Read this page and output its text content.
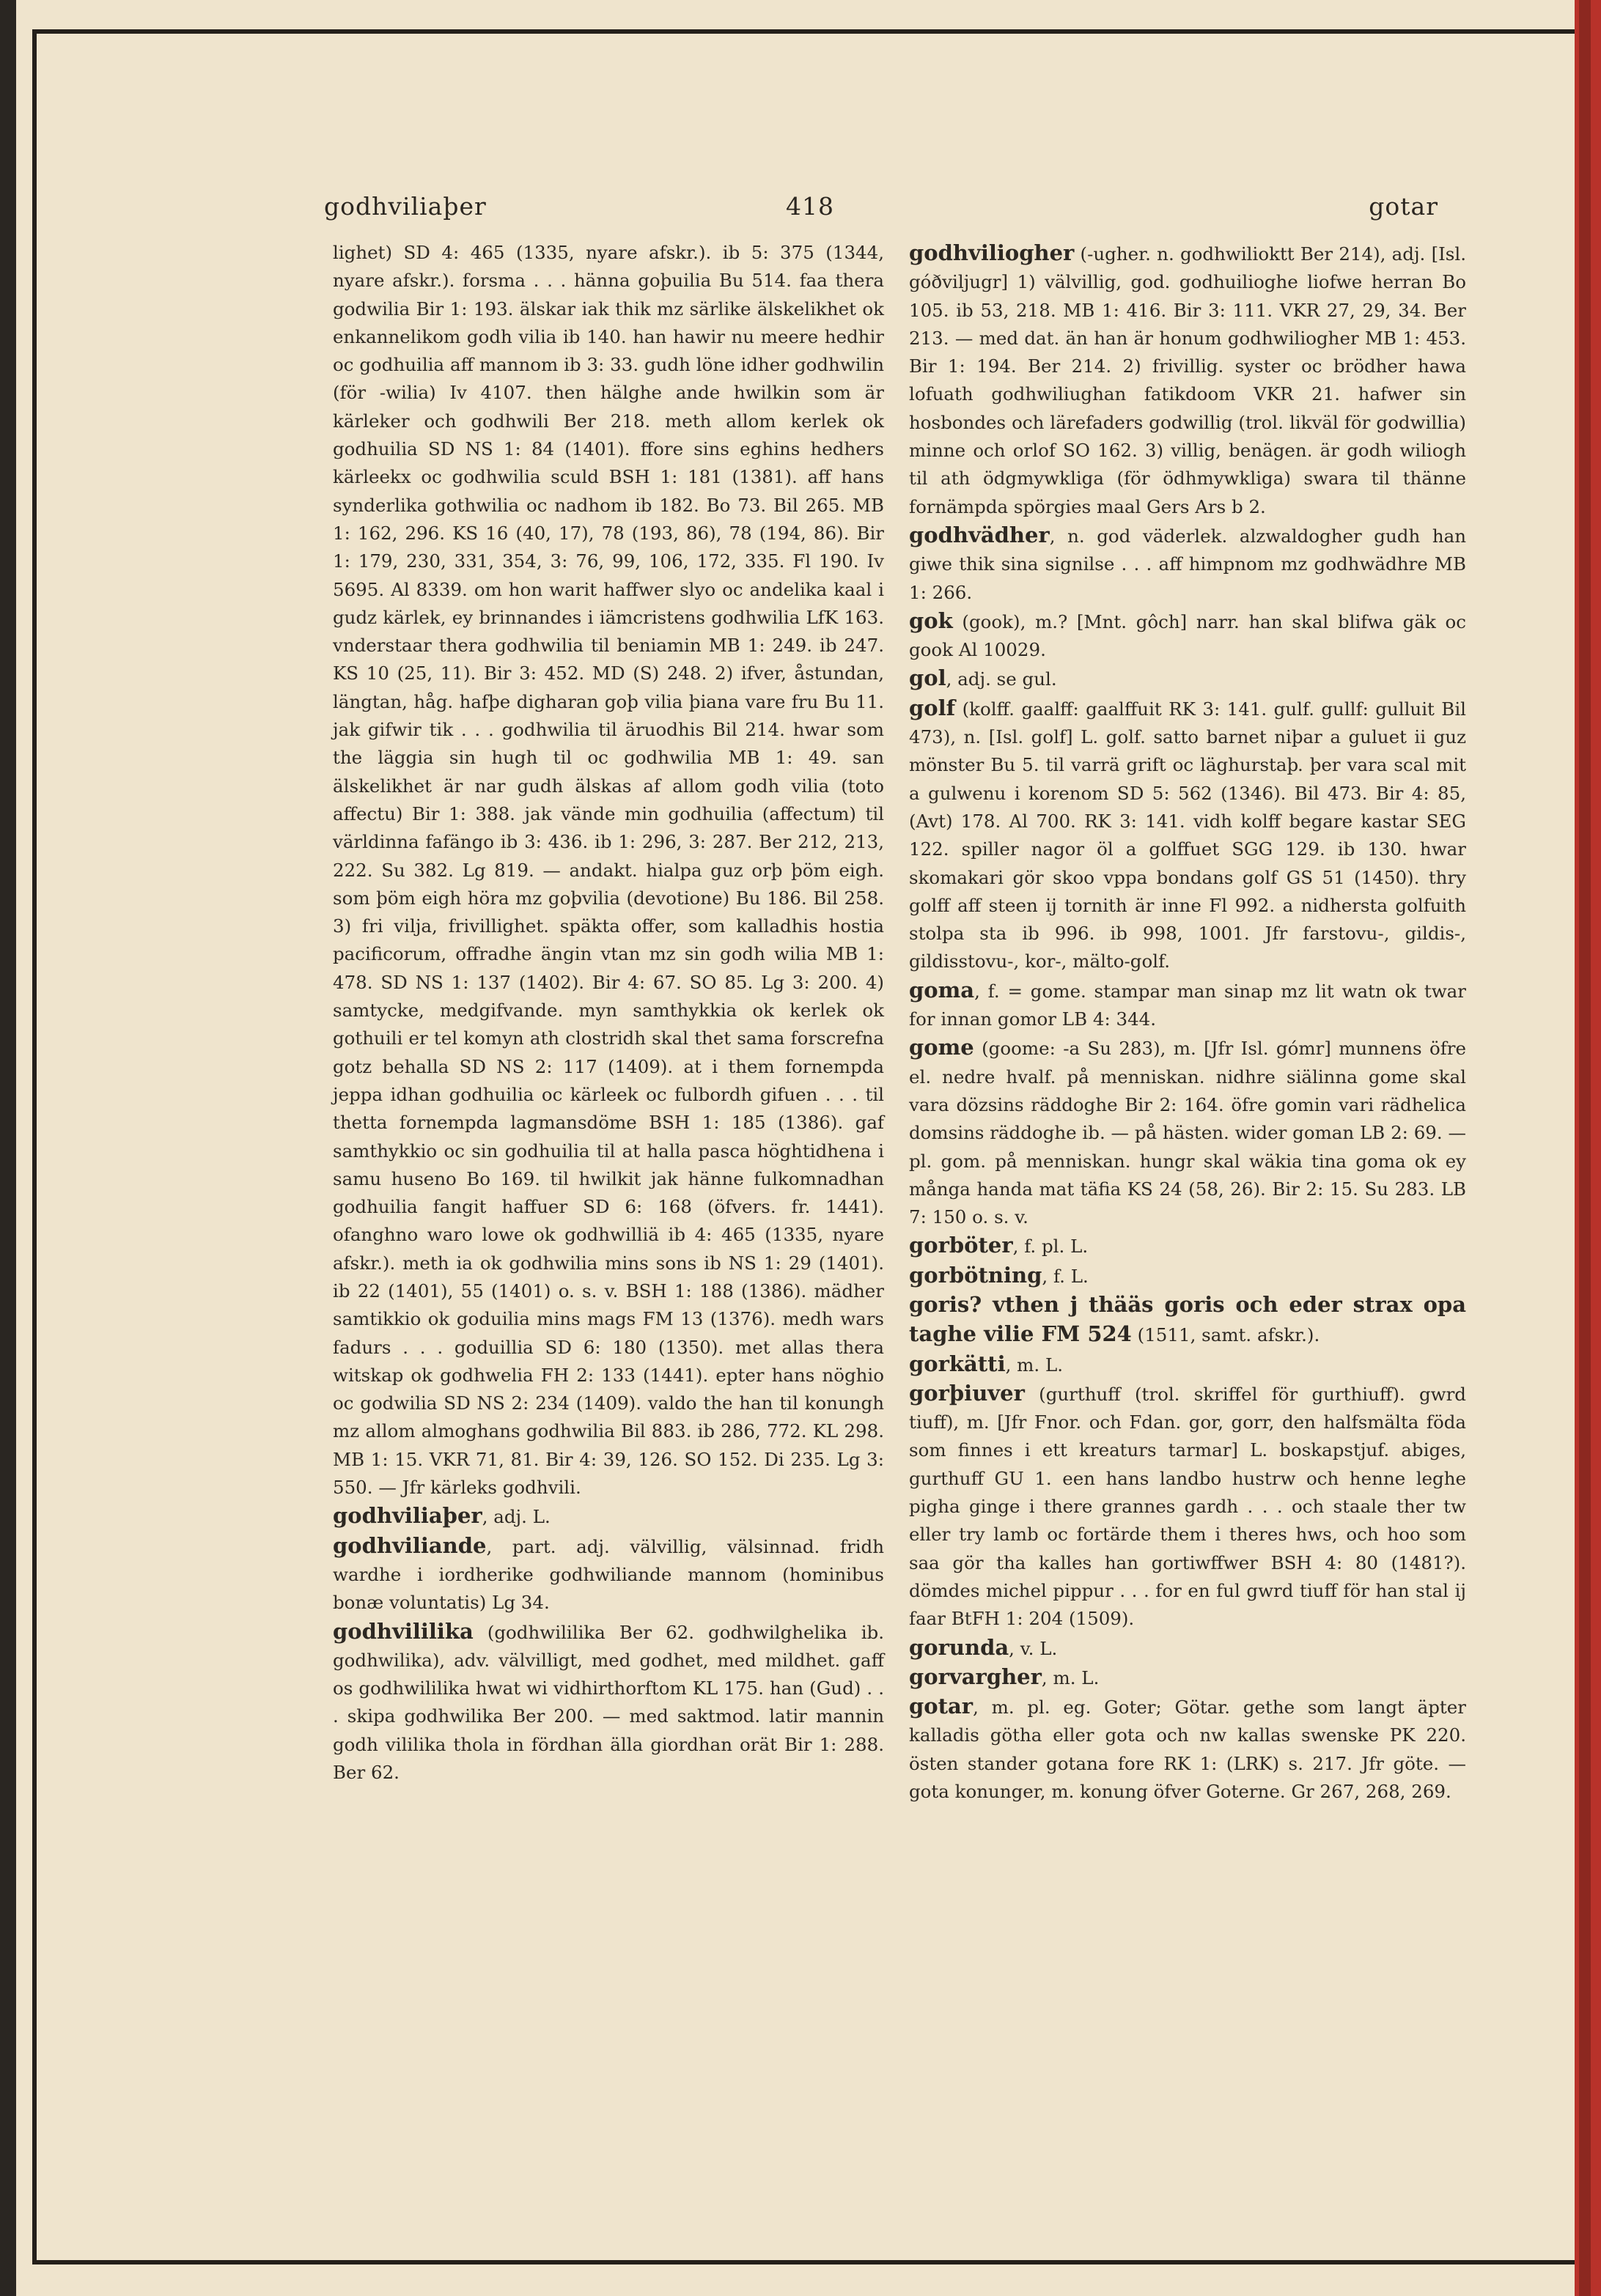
godhviliaþer	418	gotar

lighet) SD 4: 465 (1335, nyare afskr.). ib 5: 375 (1344, nyare afskr.). forsma . . . hänna goþuilia Bu 514. faa thera godwilia Bir 1: 193. älskar iak thik mz särlike älskelikhet ok enkannelikom godh vilia ib 140. han hawir nu meere hedhir oc godhuilia aff mannom ib 3: 33. gudh löne idher godhwilin (för -wilia) Iv 4107. then hälghe ande hwilkin som är kärleker och godhwili Ber 218. meth allom kerlek ok godhuilia SD NS 1: 84 (1401). ffore sins eghins hedhers kärleekx oc godhwilia sculd BSH 1: 181 (1381). aff hans synderlika gothwilia oc nadhom ib 182. Bo 73. Bil 265. MB 1: 162, 296. KS 16 (40, 17), 78 (193, 86), 78 (194, 86). Bir 1: 179, 230, 331, 354, 3: 76, 99, 106, 172, 335. Fl 190. Iv 5695. Al 8339. om hon warit haffwer slyo oc andelika kaal i gudz kärlek, ey brinnandes i iämcristens godhwilia LfK 163. vnderstaar thera godhwilia til beniamin MB 1: 249. ib 247. KS 10 (25, 11). Bir 3: 452. MD (S) 248. 2) ifver, åstundan, längtan, håg. hafþe digharan goþ vilia þiana vare fru Bu 11. jak gifwir tik . . . godhwilia til äruodhis Bil 214. hwar som the läggia sin hugh til oc godhwilia MB 1: 49. san älskelikhet är nar gudh älskas af allom godh vilia (toto affectu) Bir 1: 388. jak vände min godhuilia (affectum) til världinna fafängo ib 3: 436. ib 1: 296, 3: 287. Ber 212, 213, 222. Su 382. Lg 819. — andakt. hialpa guz orþ þöm eigh. som þöm eigh höra mz goþvilia (devotione) Bu 186. Bil 258. 3) fri vilja, frivillighet. späkta offer, som kalladhis hostia pacificorum, offradhe ängin vtan mz sin godh wilia MB 1: 478. SD NS 1: 137 (1402). Bir 4: 67. SO 85. Lg 3: 200. 4) samtycke, medgifvande. myn samthykkia ok kerlek ok gothuili er tel komyn ath clostridh skal thet sama forscrefna gotz behalla SD NS 2: 117 (1409). at i them fornempda jeppa idhan godhuilia oc kärleek oc fulbordh gifuen . . . til thetta fornempda lagmansdöme BSH 1: 185 (1386). gaf samthykkio oc sin godhuilia til at halla pasca höghtidhena i samu huseno Bo 169. til hwilkit jak hänne fulkomnadhan godhuilia fangit haffuer SD 6: 168 (öfvers. fr. 1441). ofanghno waro lowe ok godhwilliä ib 4: 465 (1335, nyare afskr.). meth ia ok godhwilia mins sons ib NS 1: 29 (1401). ib 22 (1401), 55 (1401) o. s. v. BSH 1: 188 (1386). mädher samtikkio ok goduilia mins mags FM 13 (1376). medh wars fadurs . . . goduillia SD 6: 180 (1350). met allas thera witskap ok godhwelia FH 2: 133 (1441). epter hans nöghio oc godwilia SD NS 2: 234 (1409). valdo the han til konungh mz allom almoghans godhwilia Bil 883. ib 286, 772. KL 298. MB 1: 15. VKR 71, 81. Bir 4: 39, 126. SO 152. Di 235. Lg 3: 550. — Jfr kärleks godhvili.

godhviliaþer, adj. L.

godhviliande, part. adj. välvillig, välsinnad. fridh wardhe i iordherike godhwiliande mannom (hominibus bonæ voluntatis) Lg 34.

godhvililika (godhwililika Ber 62. godhwilghelika ib. godhwilika), adv. välvilligt, med godhet, med mildhet. gaff os godhwililika hwat wi vidhirthorftom KL 175. han (Gud) . . . skipa godhwilika Ber 200. — med saktmod. latir mannin godh vililika thola in fördhan älla giordhan orät Bir 1: 288. Ber 62.

godhviliogher (-ugher. n. godhwilioktt Ber 214), adj. [Isl. góðviljugr] 1) välvillig, god. godhuilioghe liofwe herran Bo 105. ib 53, 218. MB 1: 416. Bir 3: 111. VKR 27, 29, 34. Ber 213. — med dat. än han är honum godhwiliogher MB 1: 453. Bir 1: 194. Ber 214. 2) frivillig. syster oc brödher hawa lofuath godhwiliughan fatikdoom VKR 21. hafwer sin hosbondes och lärefaders godwillig (trol. likväl för godwillia) minne och orlof SO 162. 3) villig, benägen. är godh wiliogh til ath ödgmywkliga (för ödhmywkliga) swara til thänne fornämpda spörgies maal Gers Ars b 2.

godhvädher, n. god väderlek. alzwaldogher gudh han giwe thik sina signilse . . . aff himpnom mz godhwädhre MB 1: 266.

gok (gook), m.? [Mnt. gôch] narr. han skal blifwa gäk oc gook Al 10029.

gol, adj. se gul.

golf (kolff. gaalff: gaalffuit RK 3: 141. gulf. gullf: gulluit Bil 473), n. [Isl. golf] L. golf. satto barnet niþar a guluet ii guz mönster Bu 5. til varrä grift oc läghurstaþ. þer vara scal mit a gulwenu i korenom SD 5: 562 (1346). Bil 473. Bir 4: 85, (Avt) 178. Al 700. RK 3: 141. vidh kolff begare kastar SEG 122. spiller nagor öl a golffuet SGG 129. ib 130. hwar skomakari gör skoo vppa bondans golf GS 51 (1450). thry golff aff steen ij tornith är inne Fl 992. a nidhersta golfuith stolpa sta ib 996. ib 998, 1001. Jfr farstovu-, gildis-, gildisstovu-, kor-, mälto-golf.

goma, f. = gome. stampar man sinap mz lit watn ok twar for innan gomor LB 4: 344.

gome (goome: -a Su 283), m. [Jfr Isl. gómr] munnens öfre el. nedre hvalf. på menniskan. nidhre siälinna gome skal vara dözsins räddoghe Bir 2: 164. öfre gomin vari rädhelica domsins räddoghe ib. — på hästen. wider goman LB 2: 69. — pl. gom. på menniskan. hungr skal wäkia tina goma ok ey många handa mat täfia KS 24 (58, 26). Bir 2: 15. Su 283. LB 7: 150 o. s. v.

gorböter, f. pl. L.

gorbötning, f. L.

goris? vthen j thääs goris och eder strax opa taghe vilie FM 524 (1511, samt. afskr.).

gorkätti, m. L.

gorþiuver (gurthuff (trol. skriffel för gurthiuff). gwrd tiuff), m. [Jfr Fnor. och Fdan. gor, gorr, den halfsmälta föda som finnes i ett kreaturs tarmar] L. boskapstjuf. abiges, gurthuff GU 1. een hans landbo hustrw och henne leghe pigha ginge i there grannes gardh . . . och staale ther tw eller try lamb oc fortärde them i theres hws, och hoo som saa gör tha kalles han gortiwffwer BSH 4: 80 (1481?). dömdes michel pippur . . . for en ful gwrd tiuff för han stal ij faar BtFH 1: 204 (1509).

gorunda, v. L.

gorvargher, m. L.

gotar, m. pl. eg. Goter; Götar. gethe som langt äpter kalladis götha eller gota och nw kallas swenske PK 220. östen stander gotana fore RK 1: (LRK) s. 217. Jfr göte. — gota konunger, m. konung öfver Goterne. Gr 267, 268, 269.
